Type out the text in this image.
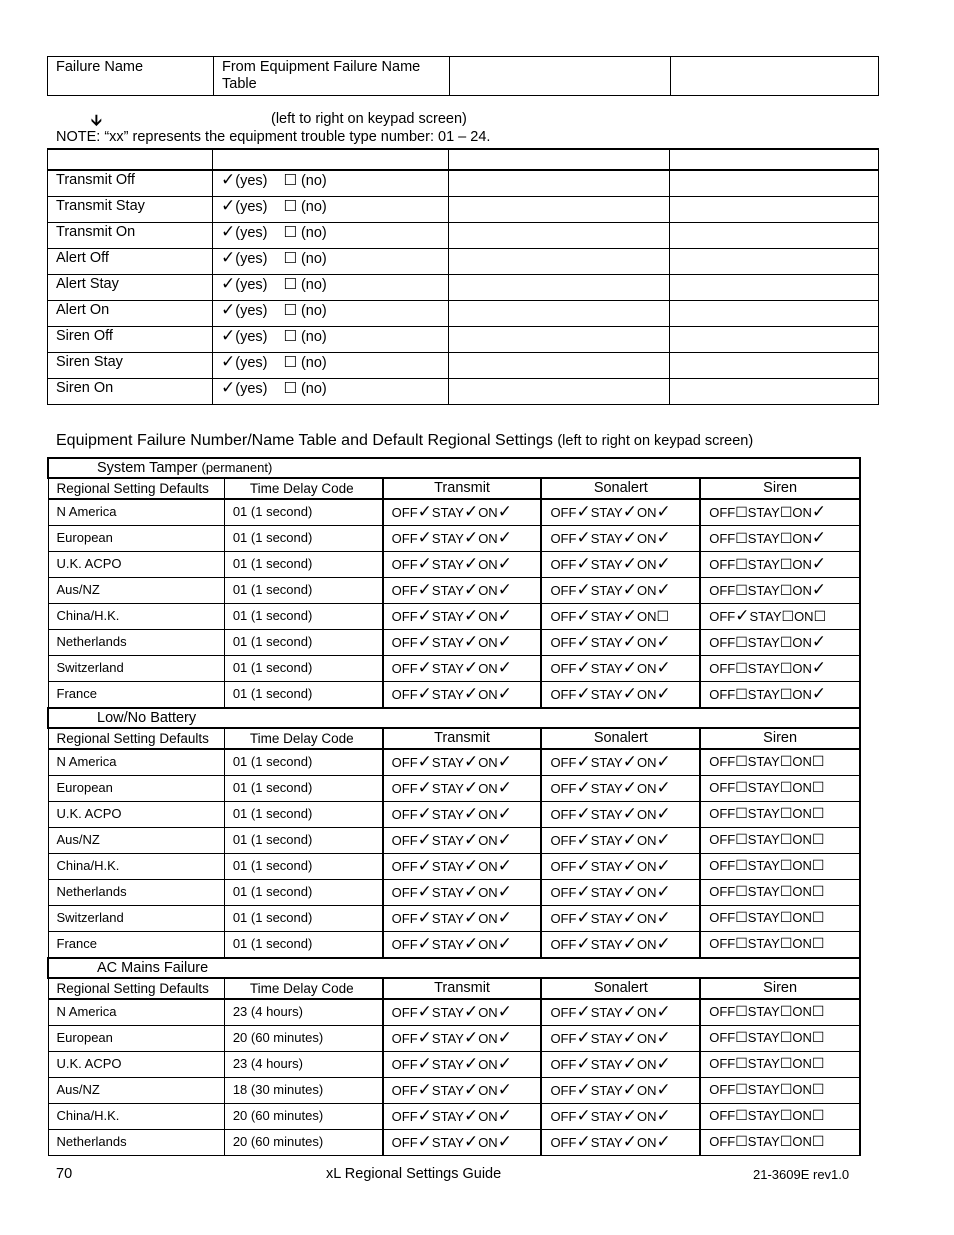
Failure Name	From Equipment Failure Name Table		
🡫	(left to right on keypad screen)
NOTE: “xx” represents the equipment trouble type number: 01 – 24.

Transmit Off	✓(yes) ☐ (no)		
Transmit Stay	✓(yes) ☐ (no)		
Transmit On	✓(yes) ☐ (no)		
Alert Off	✓(yes) ☐ (no)		
Alert Stay	✓(yes) ☐ (no)		
Alert On	✓(yes) ☐ (no)		
Siren Off	✓(yes) ☐ (no)		
Siren Stay	✓(yes) ☐ (no)		
Siren On	✓(yes) ☐ (no)		
Equipment Failure Number/Name Table and Default Regional Settings (left to right on keypad screen)
System Tamper (permanent)				
Regional Setting Defaults	Time Delay Code	Transmit	Sonalert	Siren
N America	01 (1 second)	OFF✓STAY✓ON✓	OFF✓STAY✓ON✓	OFF☐STAY☐ON✓
European	01 (1 second)	OFF✓STAY✓ON✓	OFF✓STAY✓ON✓	OFF☐STAY☐ON✓
U.K. ACPO	01 (1 second)	OFF✓STAY✓ON✓	OFF✓STAY✓ON✓	OFF☐STAY☐ON✓
Aus/NZ	01 (1 second)	OFF✓STAY✓ON✓	OFF✓STAY✓ON✓	OFF☐STAY☐ON✓
China/H.K.	01 (1 second)	OFF✓STAY✓ON✓	OFF✓STAY✓ON☐	OFF✓STAY☐ON☐
Netherlands	01 (1 second)	OFF✓STAY✓ON✓	OFF✓STAY✓ON✓	OFF☐STAY☐ON✓
Switzerland	01 (1 second)	OFF✓STAY✓ON✓	OFF✓STAY✓ON✓	OFF☐STAY☐ON✓
France	01 (1 second)	OFF✓STAY✓ON✓	OFF✓STAY✓ON✓	OFF☐STAY☐ON✓
Low/No Battery				
Regional Setting Defaults	Time Delay Code	Transmit	Sonalert	Siren
N America	01 (1 second)	OFF✓STAY✓ON✓	OFF✓STAY✓ON✓	OFF☐STAY☐ON☐
European	01 (1 second)	OFF✓STAY✓ON✓	OFF✓STAY✓ON✓	OFF☐STAY☐ON☐
U.K. ACPO	01 (1 second)	OFF✓STAY✓ON✓	OFF✓STAY✓ON✓	OFF☐STAY☐ON☐
Aus/NZ	01 (1 second)	OFF✓STAY✓ON✓	OFF✓STAY✓ON✓	OFF☐STAY☐ON☐
China/H.K.	01 (1 second)	OFF✓STAY✓ON✓	OFF✓STAY✓ON✓	OFF☐STAY☐ON☐
Netherlands	01 (1 second)	OFF✓STAY✓ON✓	OFF✓STAY✓ON✓	OFF☐STAY☐ON☐
Switzerland	01 (1 second)	OFF✓STAY✓ON✓	OFF✓STAY✓ON✓	OFF☐STAY☐ON☐
France	01 (1 second)	OFF✓STAY✓ON✓	OFF✓STAY✓ON✓	OFF☐STAY☐ON☐
AC Mains Failure				
Regional Setting Defaults	Time Delay Code	Transmit	Sonalert	Siren
N America	23 (4 hours)	OFF✓STAY✓ON✓	OFF✓STAY✓ON✓	OFF☐STAY☐ON☐
European	20 (60 minutes)	OFF✓STAY✓ON✓	OFF✓STAY✓ON✓	OFF☐STAY☐ON☐
U.K. ACPO	23 (4 hours)	OFF✓STAY✓ON✓	OFF✓STAY✓ON✓	OFF☐STAY☐ON☐
Aus/NZ	18 (30 minutes)	OFF✓STAY✓ON✓	OFF✓STAY✓ON✓	OFF☐STAY☐ON☐
China/H.K.	20 (60 minutes)	OFF✓STAY✓ON✓	OFF✓STAY✓ON✓	OFF☐STAY☐ON☐
Netherlands	20 (60 minutes)	OFF✓STAY✓ON✓	OFF✓STAY✓ON✓	OFF☐STAY☐ON☐
70	xL Regional Settings Guide	21-3609E rev1.0
